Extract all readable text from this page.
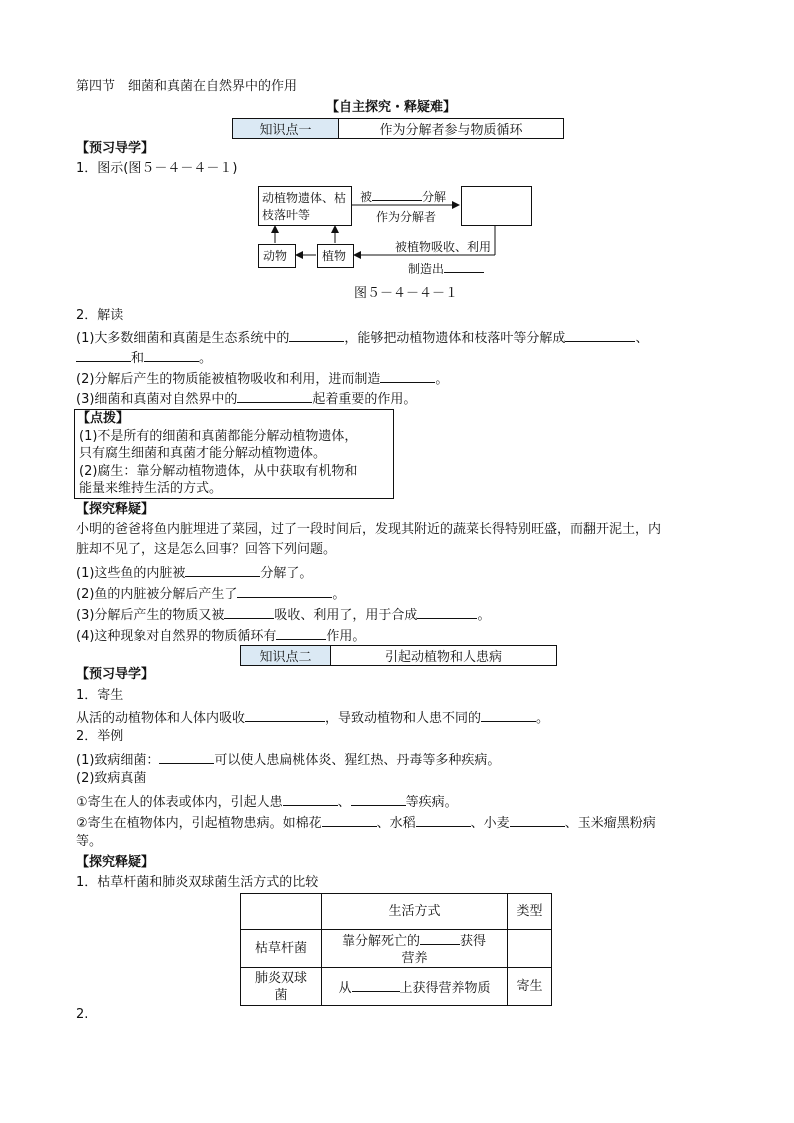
第四节　细菌和真菌在自然界中的作用
【自主探究・释疑难】
知识点一	作为分解者参与物质循环
【预习导学】
1．图示(图５－４－４－１)
动植物遗体、枯
枝落叶等
动物	植物
被	分解
作为分解者
被植物吸收、利用
制造出
图５－４－４－１
2．解读
(1)大多数细菌和真菌是生态系统中的	，能够把动植物遗体和枝落叶等分解成	、
和	。
(2)分解后产生的物质能被植物吸收和利用，进而制造	。
(3)细菌和真菌对自然界中的	起着重要的作用。
【点拨】
(1)不是所有的细菌和真菌都能分解动植物遗体，
只有腐生细菌和真菌才能分解动植物遗体。
(2)腐生：靠分解动植物遗体，从中获取有机物和
能量来维持生活的方式。
【探究释疑】
小明的爸爸将鱼内脏埋进了菜园，过了一段时间后，发现其附近的蔬菜长得特别旺盛，而翻开泥土，内
脏却不见了，这是怎么回事？回答下列问题。
(1)这些鱼的内脏被	分解了。
(2)鱼的内脏被分解后产生了	。
(3)分解后产生的物质又被	吸收、利用了，用于合成	。
(4)这种现象对自然界的物质循环有	作用。
知识点二	引起动植物和人患病
【预习导学】
1．寄生
从活的动植物体和人体内吸收	，导致动植物和人患不同的	。
2．举例
(1)致病细菌：	可以使人患扁桃体炎、猩红热、丹毒等多种疾病。
(2)致病真菌
①寄生在人的体表或体内，引起人患	、	等疾病。
②寄生在植物体内，引起植物患病。如棉花	、水稻	、小麦	、玉米瘤黑粉病
等。
【探究释疑】
1．枯草杆菌和肺炎双球菌生活方式的比较
	生活方式	类型
枯草杆菌	靠分解死亡的 获得
营养	

肺炎双球
菌	从 上获得营养物质	寄生
2.
